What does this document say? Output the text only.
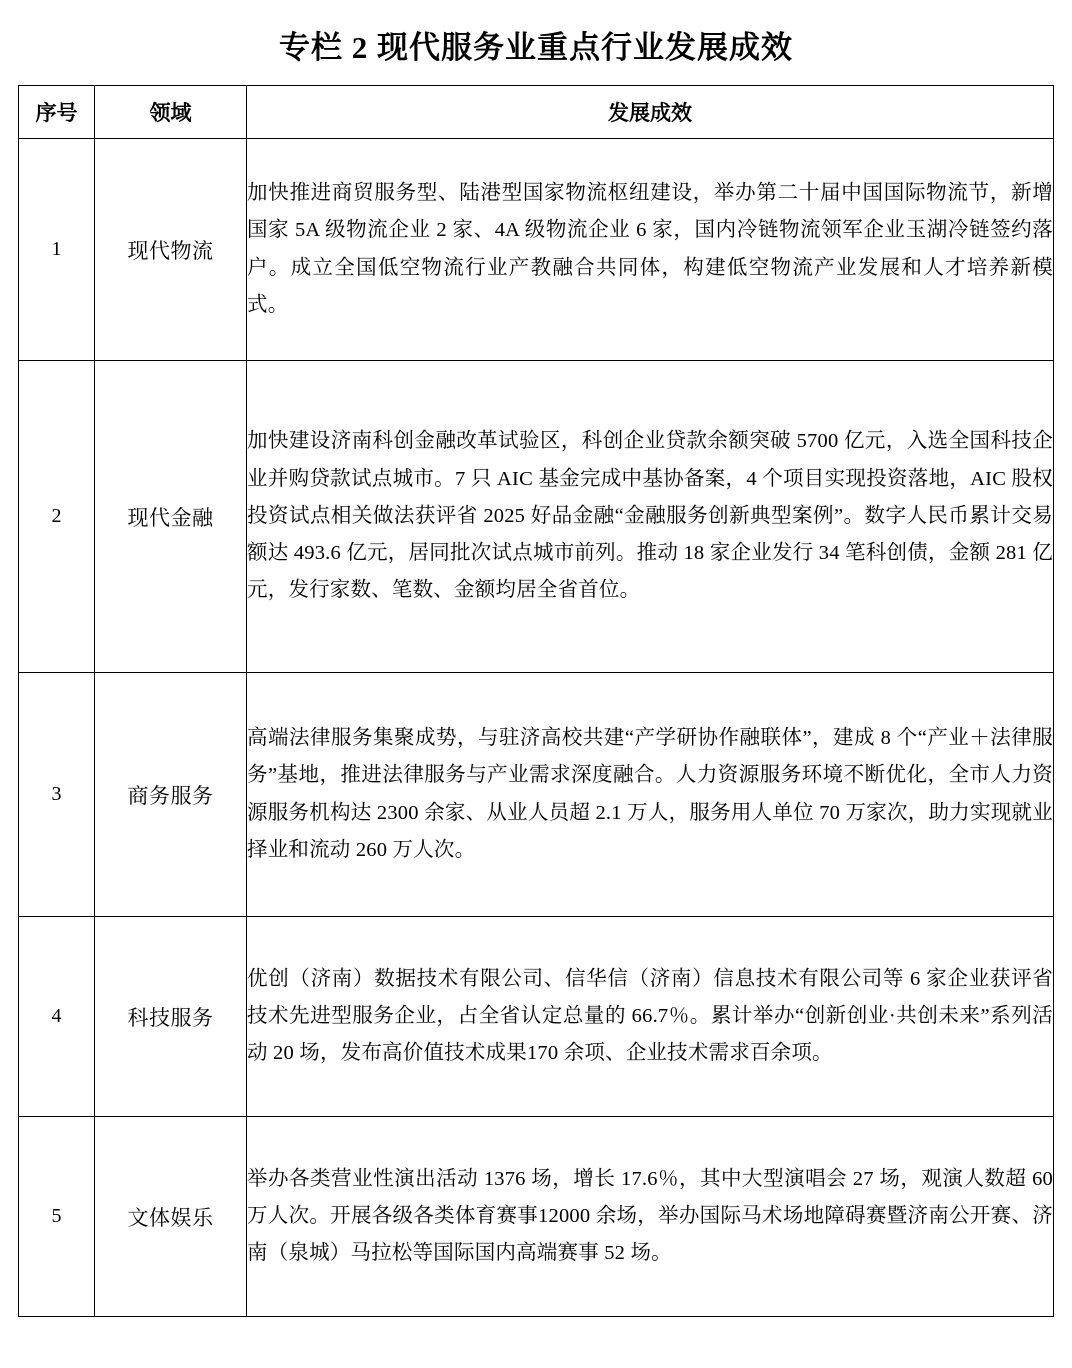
专栏 2 现代服务业重点行业发展成效
序号	领域	发展成效
1	现代物流	加快推进商贸服务型、陆港型国家物流枢纽建设，举办第二十届中国国际物流节，新增国家 5A 级物流企业 2 家、4A 级物流企业 6 家，国内冷链物流领军企业玉湖冷链签约落户。成立全国低空物流行业产教融合共同体，构建低空物流产业发展和人才培养新模式。
2	现代金融	加快建设济南科创金融改革试验区，科创企业贷款余额突破 5700 亿元，入选全国科技企业并购贷款试点城市。7 只 AIC 基金完成中基协备案，4 个项目实现投资落地，AIC 股权投资试点相关做法获评省 2025 好品金融“金融服务创新典型案例”。数字人民币累计交易额达 493.6 亿元，居同批次试点城市前列。推动 18 家企业发行 34 笔科创债，金额 281 亿元，发行家数、笔数、金额均居全省首位。
3	商务服务	高端法律服务集聚成势，与驻济高校共建“产学研协作融联体”，建成 8 个“产业＋法律服务”基地，推进法律服务与产业需求深度融合。人力资源服务环境不断优化，全市人力资源服务机构达 2300 余家、从业人员超 2.1 万人，服务用人单位 70 万家次，助力实现就业择业和流动 260 万人次。
4	科技服务	优创（济南）数据技术有限公司、信华信（济南）信息技术有限公司等 6 家企业获评省技术先进型服务企业，占全省认定总量的 66.7％。累计举办“创新创业·共创未来”系列活动 20 场，发布高价值技术成果170 余项、企业技术需求百余项。
5	文体娱乐	举办各类营业性演出活动 1376 场，增长 17.6％，其中大型演唱会 27 场，观演人数超 60 万人次。开展各级各类体育赛事12000 余场，举办国际马术场地障碍赛暨济南公开赛、济南（泉城）马拉松等国际国内高端赛事 52 场。
